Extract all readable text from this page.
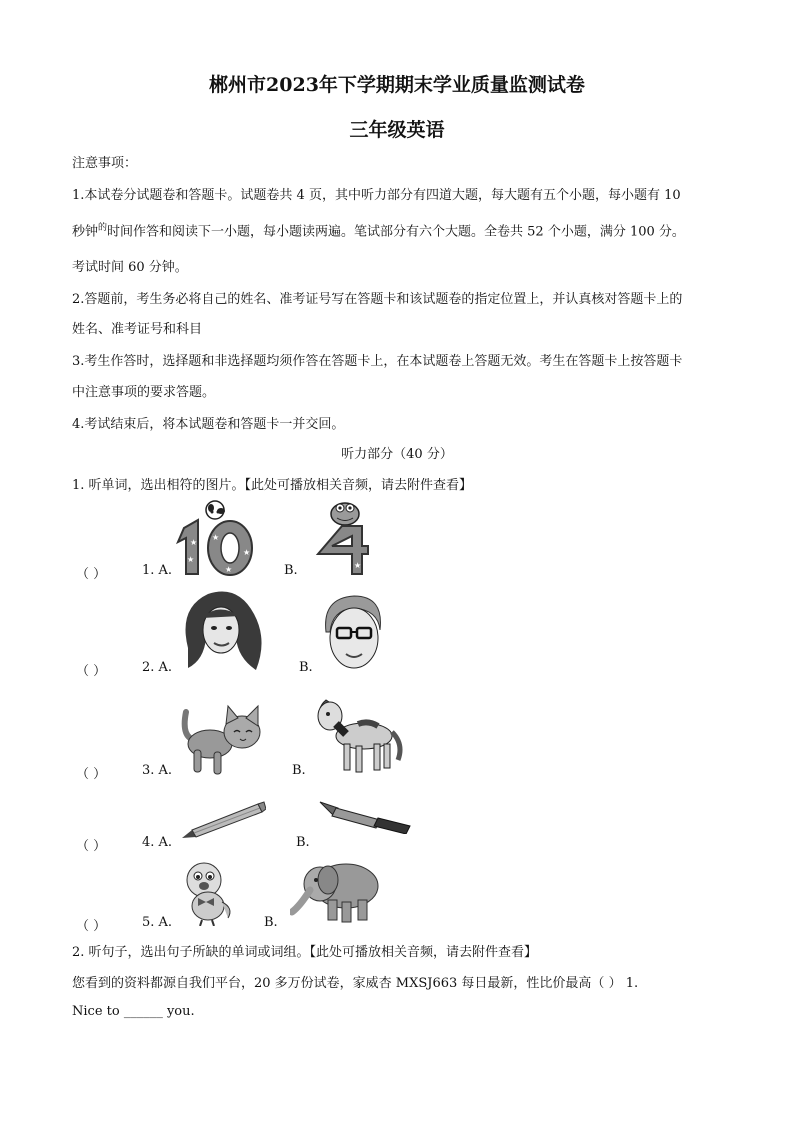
郴州市2023年下学期期末学业质量监测试卷
三年级英语
注意事项：
1.本试卷分试题卷和答题卡。试题卷共 4 页，其中听力部分有四道大题，每大题有五个小题，每小题有 10
秒钟$^的$时间作答和阅读下一小题，每小题读两遍。笔试部分有六个大题。全卷共 52 个小题，满分 100 分。
考试时间 60 分钟。
2.答题前，考生务必将自己的姓名、准考证号写在答题卡和该试题卷的指定位置上，并认真核对答题卡上的
姓名、准考证号和科目
3.考生作答时，选择题和非选择题均须作答在答题卡上，在本试题卷上答题无效。考生在答题卡上按答题卡
中注意事项的要求答题。
4.考试结束后，将本试题卷和答题卡一并交回。
听力部分（40 分）
1. 听单词，选出相符的图片。【此处可播放相关音频，请去附件查看】
（ ）	1. A.
★
★
★
★
★	B.	★
（ ）	2. A.	B.
（ ）	3. A.	B.
（ ）	4. A.	B.
（ ）	5. A.	B.
2. 听句子，选出句子所缺的单词或词组。【此处可播放相关音频，请去附件查看】
您看到的资料都源自我们平台，20 多万份试卷，家威杏 MXSJ663 每日最新，性比价最高（ ） 1.
Nice to ______ you.
